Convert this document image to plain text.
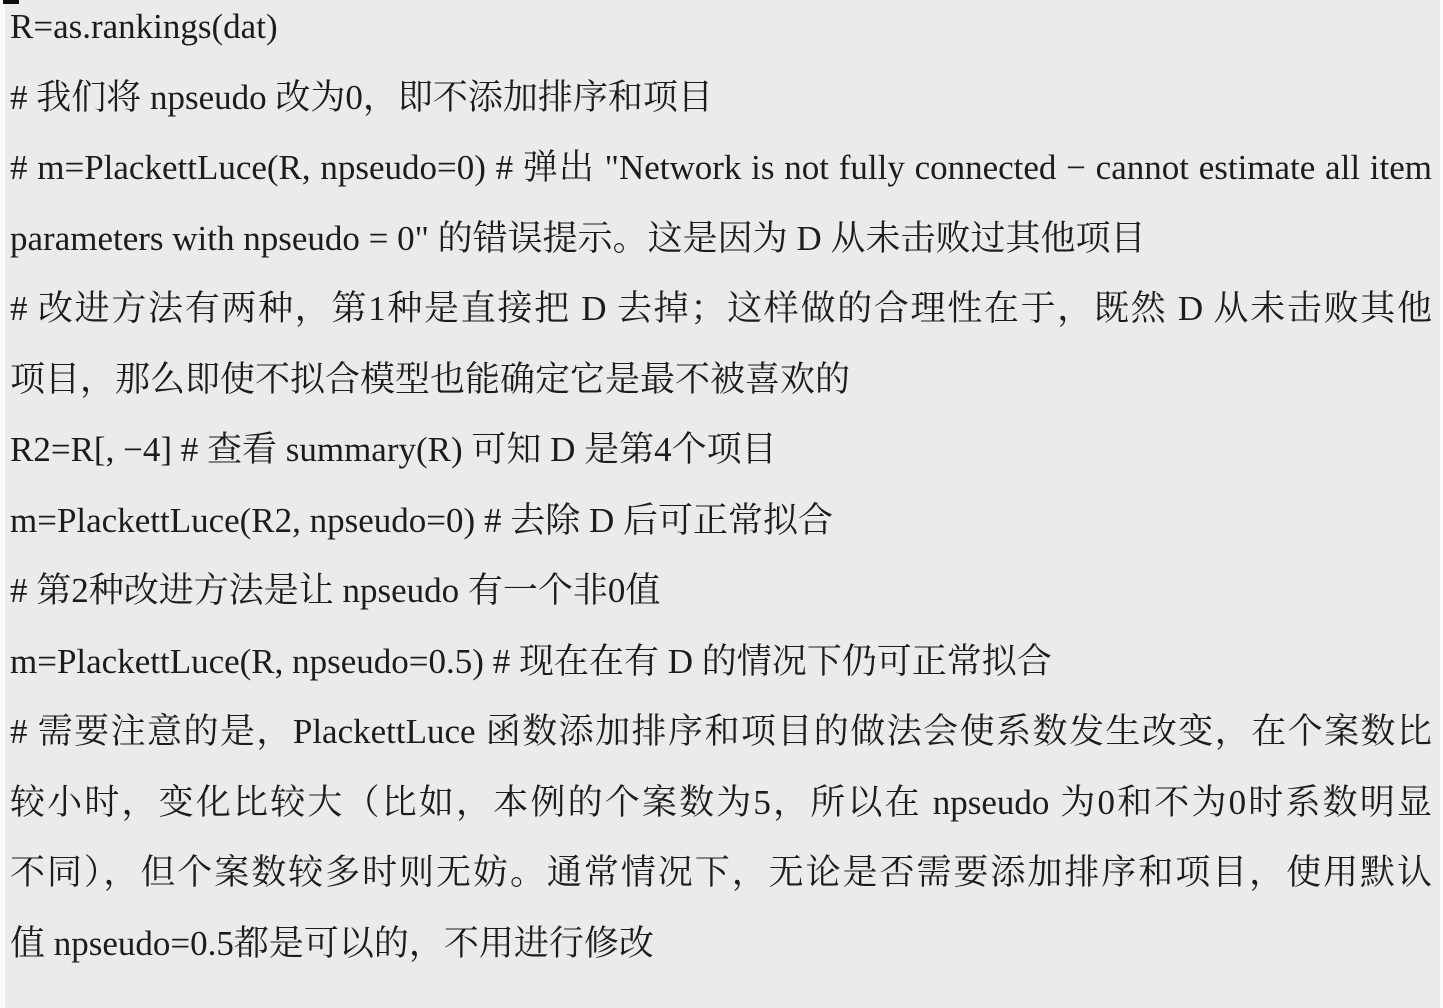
R=as.rankings(dat)
# 我们将 npseudo 改为0，即不添加排序和项目
# m=PlackettLuce(R, npseudo=0) # 弹出 "Network is not fully connected − cannot estimate all item
parameters with npseudo = 0" 的错误提示。这是因为 D 从未击败过其他项目
# 改进方法有两种，第1种是直接把 D 去掉；这样做的合理性在于，既然 D 从未击败其他
项目，那么即使不拟合模型也能确定它是最不被喜欢的
R2=R[, −4] # 查看 summary(R) 可知 D 是第4个项目
m=PlackettLuce(R2, npseudo=0) # 去除 D 后可正常拟合
# 第2种改进方法是让 npseudo 有一个非0值
m=PlackettLuce(R, npseudo=0.5) # 现在在有 D 的情况下仍可正常拟合
# 需要注意的是，PlackettLuce 函数添加排序和项目的做法会使系数发生改变，在个案数比
较小时，变化比较大（比如，本例的个案数为5，所以在 npseudo 为0和不为0时系数明显
不同），但个案数较多时则无妨。通常情况下，无论是否需要添加排序和项目，使用默认
值 npseudo=0.5都是可以的，不用进行修改
